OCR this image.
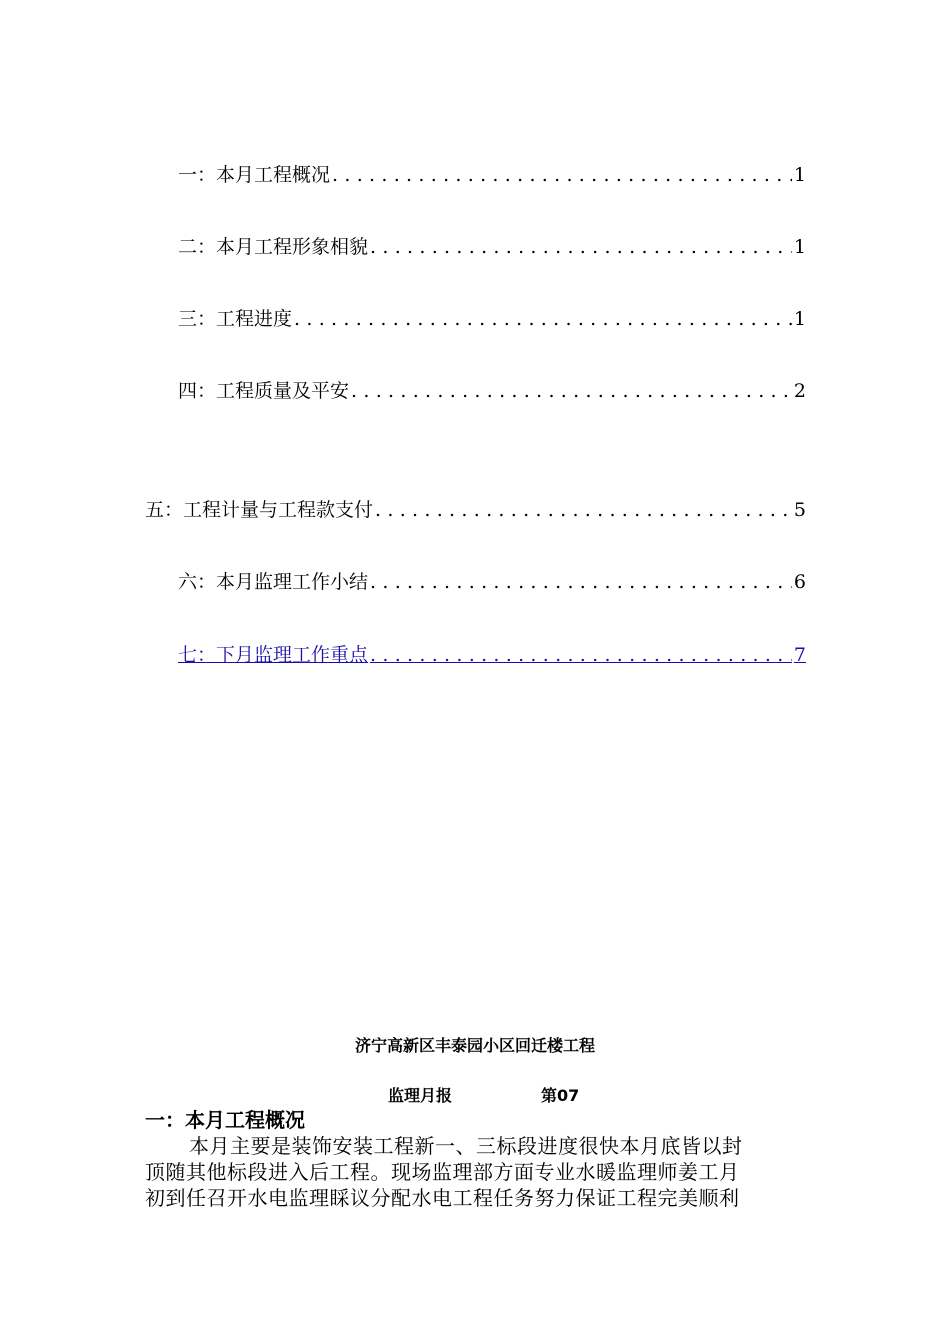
一：本月工程概况 .....	1
二：本月工程形象相貌 .....	1
三：工程进度 .....	1
四：工程质量及平安 .....	2
五：工程计量与工程款支付 .....	5
六：本月监理工作小结 .....	6
七：下月监理工作重点 .....	7
济宁高新区丰泰园小区回迁楼工程
监理月报	第07
一：本月工程概况
本月主要是装饰安装工程新一、三标段进度很快本月底皆以封
顶随其他标段进入后工程。现场监理部方面专业水暖监理师姜工月
初到任召开水电监理睬议分配水电工程任务努力保证工程完美顺利
